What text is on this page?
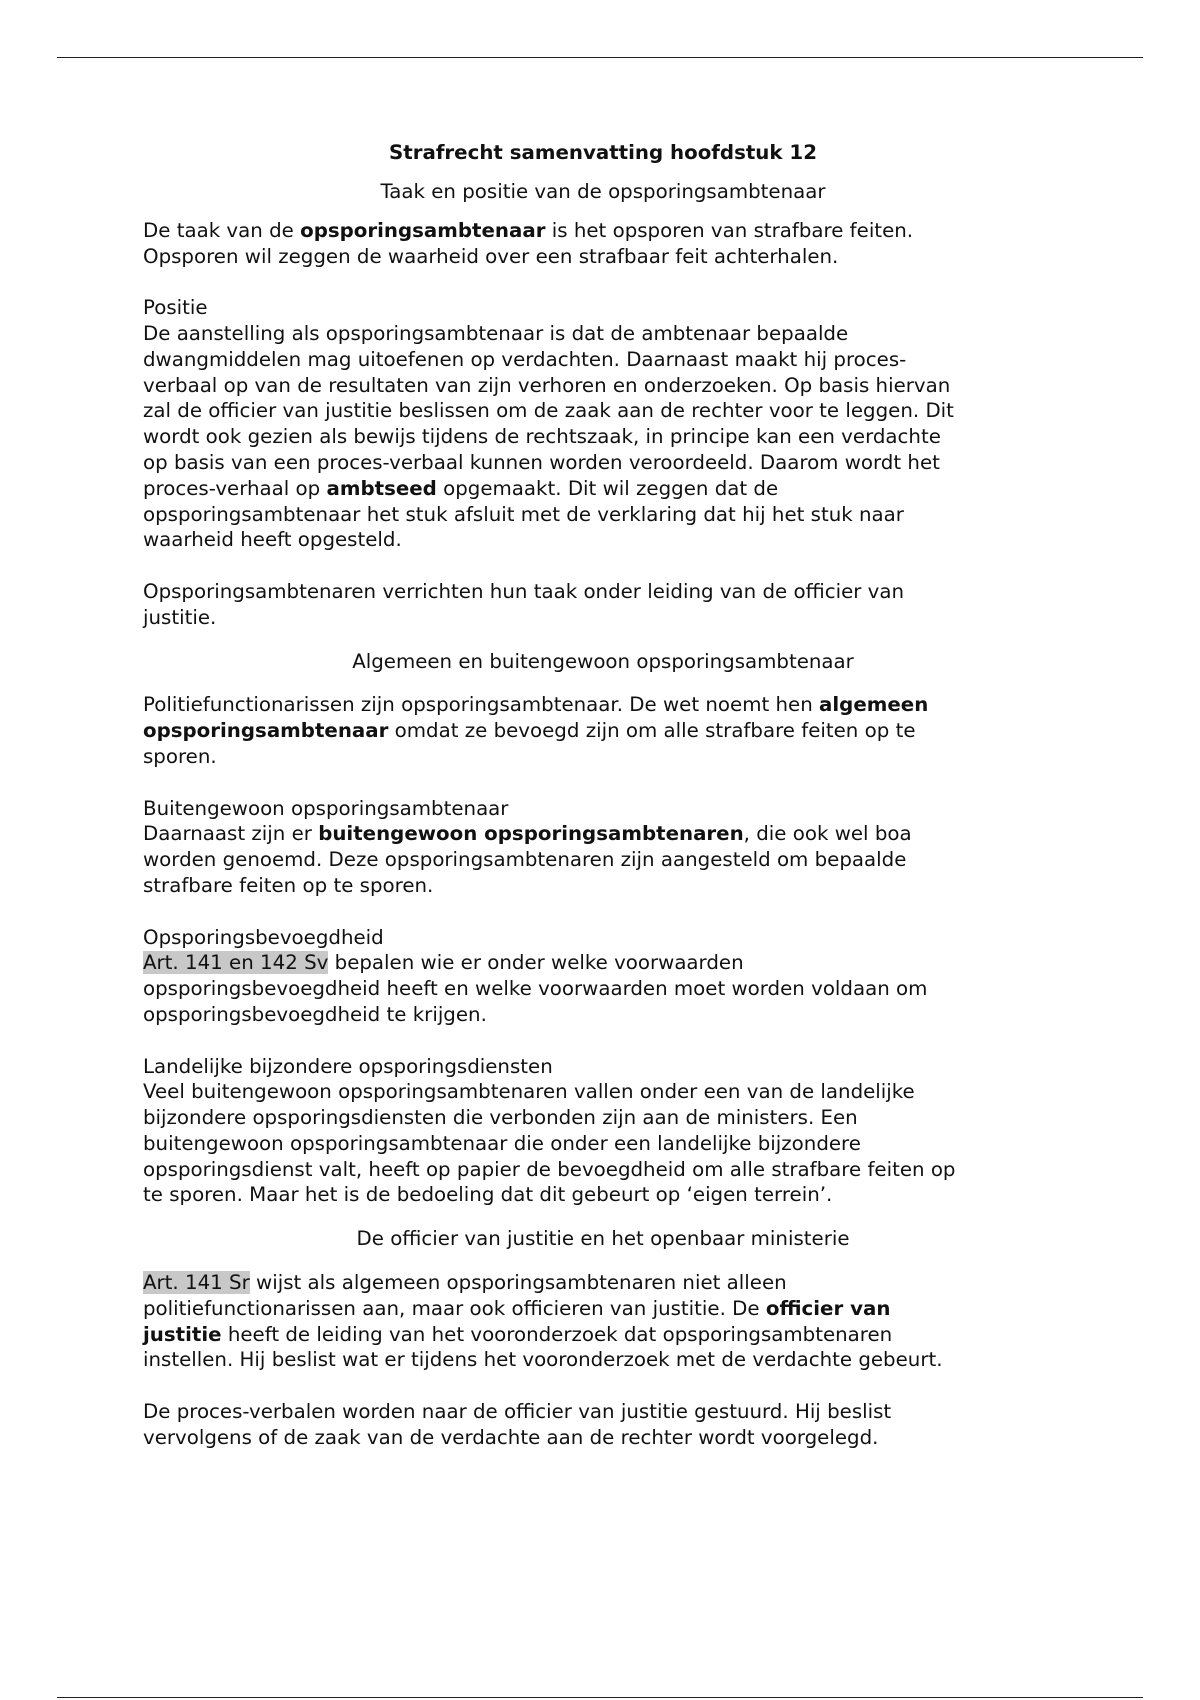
Strafrecht samenvatting hoofdstuk 12
Taak en positie van de opsporingsambtenaar
De taak van de opsporingsambtenaar is het opsporen van strafbare feiten.
Opsporen wil zeggen de waarheid over een strafbaar feit achterhalen.
Positie
De aanstelling als opsporingsambtenaar is dat de ambtenaar bepaalde
dwangmiddelen mag uitoefenen op verdachten. Daarnaast maakt hij proces-
verbaal op van de resultaten van zijn verhoren en onderzoeken. Op basis hiervan
zal de officier van justitie beslissen om de zaak aan de rechter voor te leggen. Dit
wordt ook gezien als bewijs tijdens de rechtszaak, in principe kan een verdachte
op basis van een proces-verbaal kunnen worden veroordeeld. Daarom wordt het
proces-verhaal op ambtseed opgemaakt. Dit wil zeggen dat de
opsporingsambtenaar het stuk afsluit met de verklaring dat hij het stuk naar
waarheid heeft opgesteld.
Opsporingsambtenaren verrichten hun taak onder leiding van de officier van
justitie.
Algemeen en buitengewoon opsporingsambtenaar
Politiefunctionarissen zijn opsporingsambtenaar. De wet noemt hen algemeen
opsporingsambtenaar omdat ze bevoegd zijn om alle strafbare feiten op te
sporen.
Buitengewoon opsporingsambtenaar
Daarnaast zijn er buitengewoon opsporingsambtenaren, die ook wel boa
worden genoemd. Deze opsporingsambtenaren zijn aangesteld om bepaalde
strafbare feiten op te sporen.
Opsporingsbevoegdheid
Art. 141 en 142 Sv bepalen wie er onder welke voorwaarden
opsporingsbevoegdheid heeft en welke voorwaarden moet worden voldaan om
opsporingsbevoegdheid te krijgen.
Landelijke bijzondere opsporingsdiensten
Veel buitengewoon opsporingsambtenaren vallen onder een van de landelijke
bijzondere opsporingsdiensten die verbonden zijn aan de ministers. Een
buitengewoon opsporingsambtenaar die onder een landelijke bijzondere
opsporingsdienst valt, heeft op papier de bevoegdheid om alle strafbare feiten op
te sporen. Maar het is de bedoeling dat dit gebeurt op ‘eigen terrein’.
De officier van justitie en het openbaar ministerie
Art. 141 Sr wijst als algemeen opsporingsambtenaren niet alleen
politiefunctionarissen aan, maar ook officieren van justitie. De officier van
justitie heeft de leiding van het vooronderzoek dat opsporingsambtenaren
instellen. Hij beslist wat er tijdens het vooronderzoek met de verdachte gebeurt.
De proces-verbalen worden naar de officier van justitie gestuurd. Hij beslist
vervolgens of de zaak van de verdachte aan de rechter wordt voorgelegd.
